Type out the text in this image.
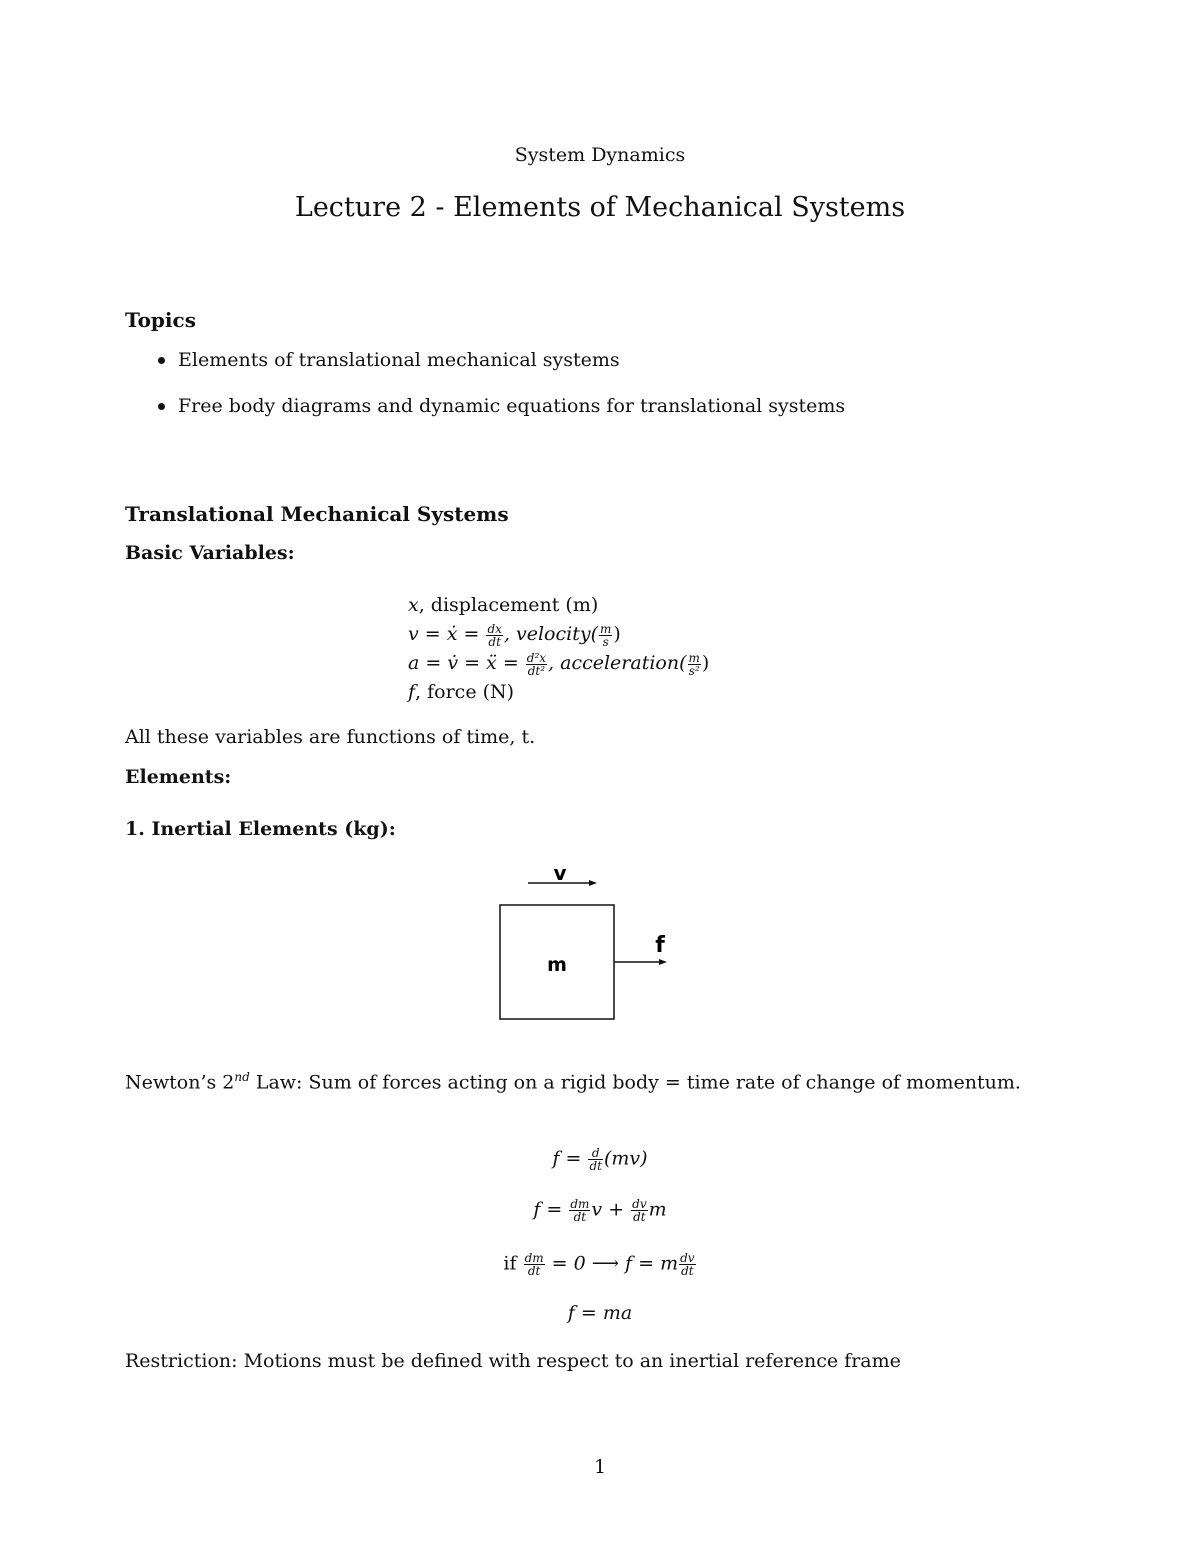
System Dynamics
Lecture 2 - Elements of Mechanical Systems
Topics
Elements of translational mechanical systems
Free body diagrams and dynamic equations for translational systems
Translational Mechanical Systems
Basic Variables:
x, displacement (m)
v = ẋ = $\frac{dx}{dt}$ , velocity( $\frac{m}{s}$ )
a = v̇ = ẍ = $\frac{\text{d²x}}{\text{dt²}}$ , acceleration( $\frac{m}{\text{s²}}$ )
f, force (N)
All these variables are functions of time, t.
Elements:
1. Inertial Elements (kg):
v
m
f
Newton’s 2nd Law: Sum of forces acting on a rigid body = time rate of change of momentum.
$f = \frac{d}{dt} (mv)$
$f = \frac{dm}{dt}$ $v + \frac{dv}{dt}$ m
if $\frac{dm}{dt} = 0$ ⟶ f = m $\frac{dv}{dt}$
f = ma
Restriction: Motions must be defined with respect to an inertial reference frame
1
